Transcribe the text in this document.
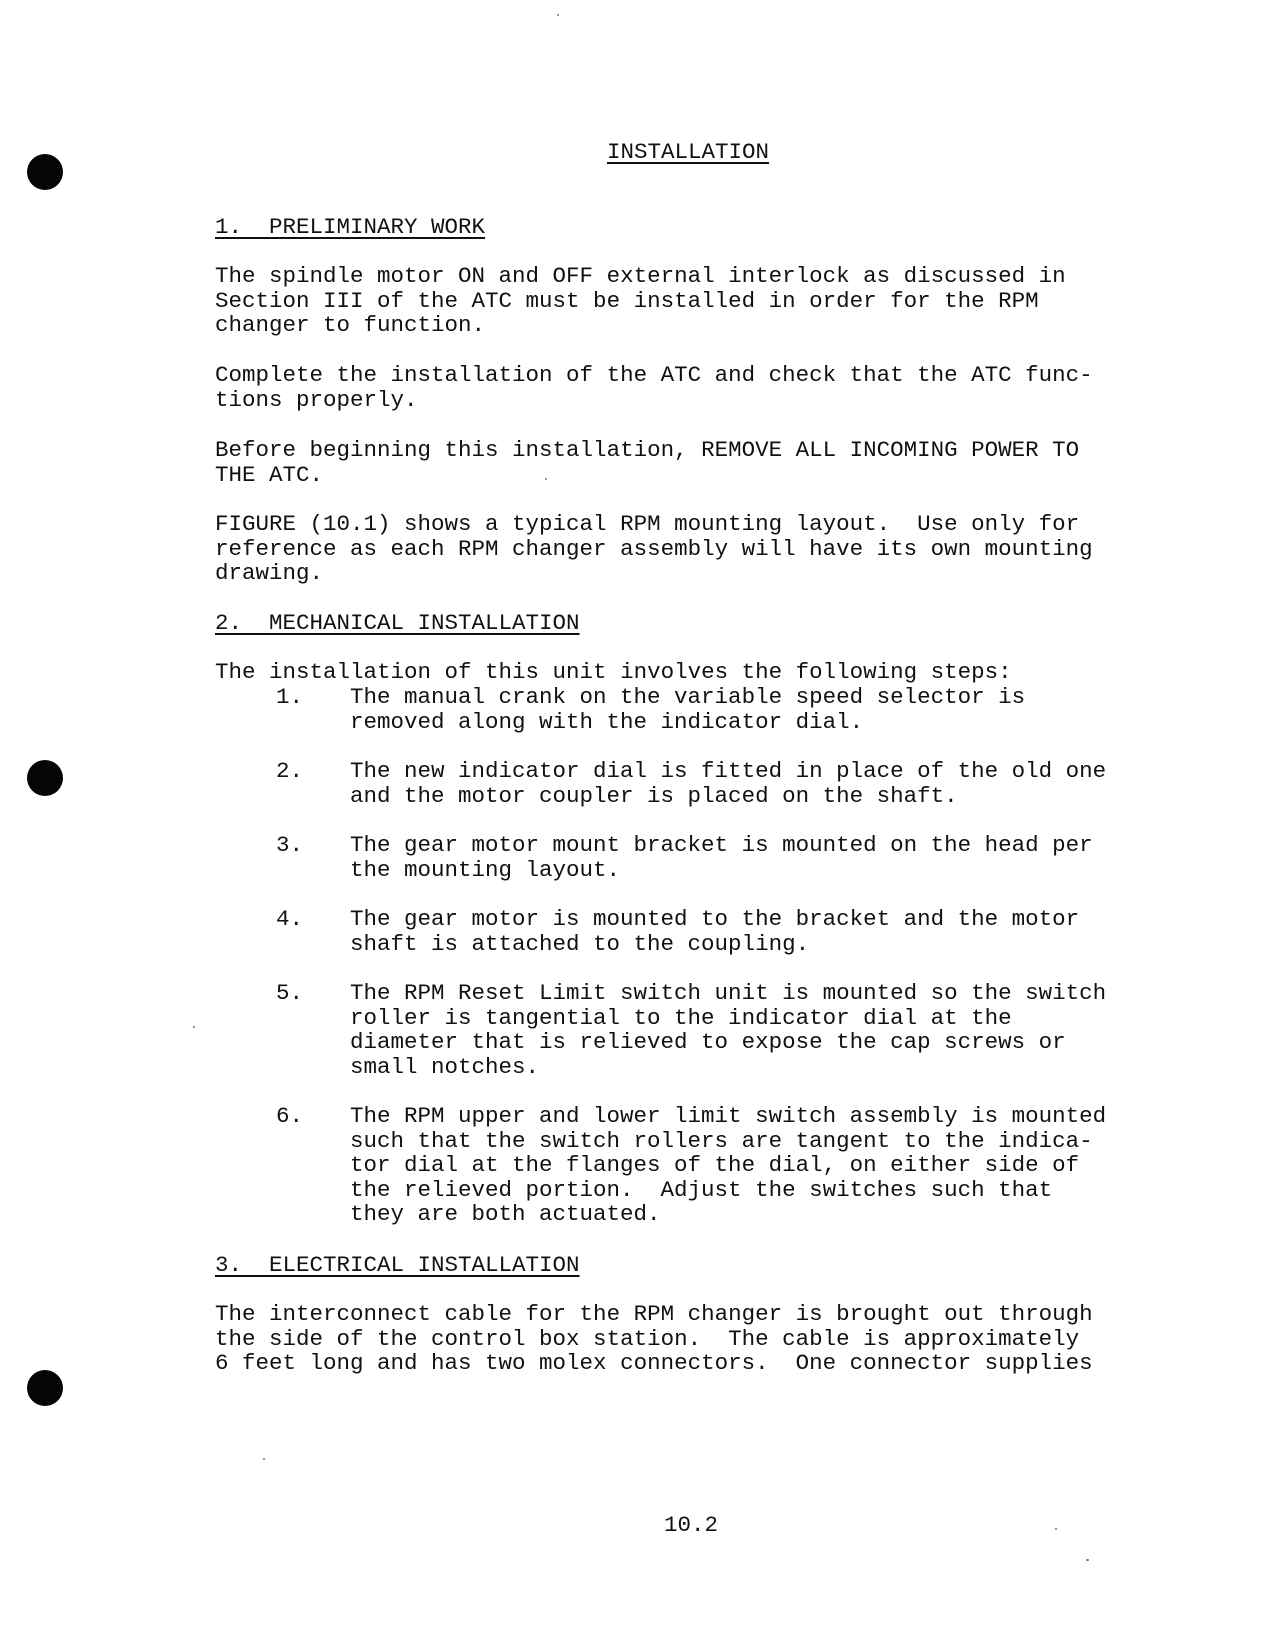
INSTALLATION
1.  PRELIMINARY WORK
The spindle motor ON and OFF external interlock as discussed in
Section III of the ATC must be installed in order for the RPM
changer to function.
Complete the installation of the ATC and check that the ATC func-
tions properly.
Before beginning this installation, REMOVE ALL INCOMING POWER TO
THE ATC.
FIGURE (10.1) shows a typical RPM mounting layout.  Use only for
reference as each RPM changer assembly will have its own mounting
drawing.
2.  MECHANICAL INSTALLATION
The installation of this unit involves the following steps:

1.

The manual crank on the variable speed selector is
removed along with the indicator dial.

2.

The new indicator dial is fitted in place of the old one
and the motor coupler is placed on the shaft.

3.

The gear motor mount bracket is mounted on the head per
the mounting layout.

4.

The gear motor is mounted to the bracket and the motor
shaft is attached to the coupling.

5.

The RPM Reset Limit switch unit is mounted so the switch
roller is tangential to the indicator dial at the
diameter that is relieved to expose the cap screws or
small notches.

6.

The RPM upper and lower limit switch assembly is mounted
such that the switch rollers are tangent to the indica-
tor dial at the flanges of the dial, on either side of
the relieved portion.  Adjust the switches such that
they are both actuated.

3.  ELECTRICAL INSTALLATION
The interconnect cable for the RPM changer is brought out through
the side of the control box station.  The cable is approximately
6 feet long and has two molex connectors.  One connector supplies
10.2
